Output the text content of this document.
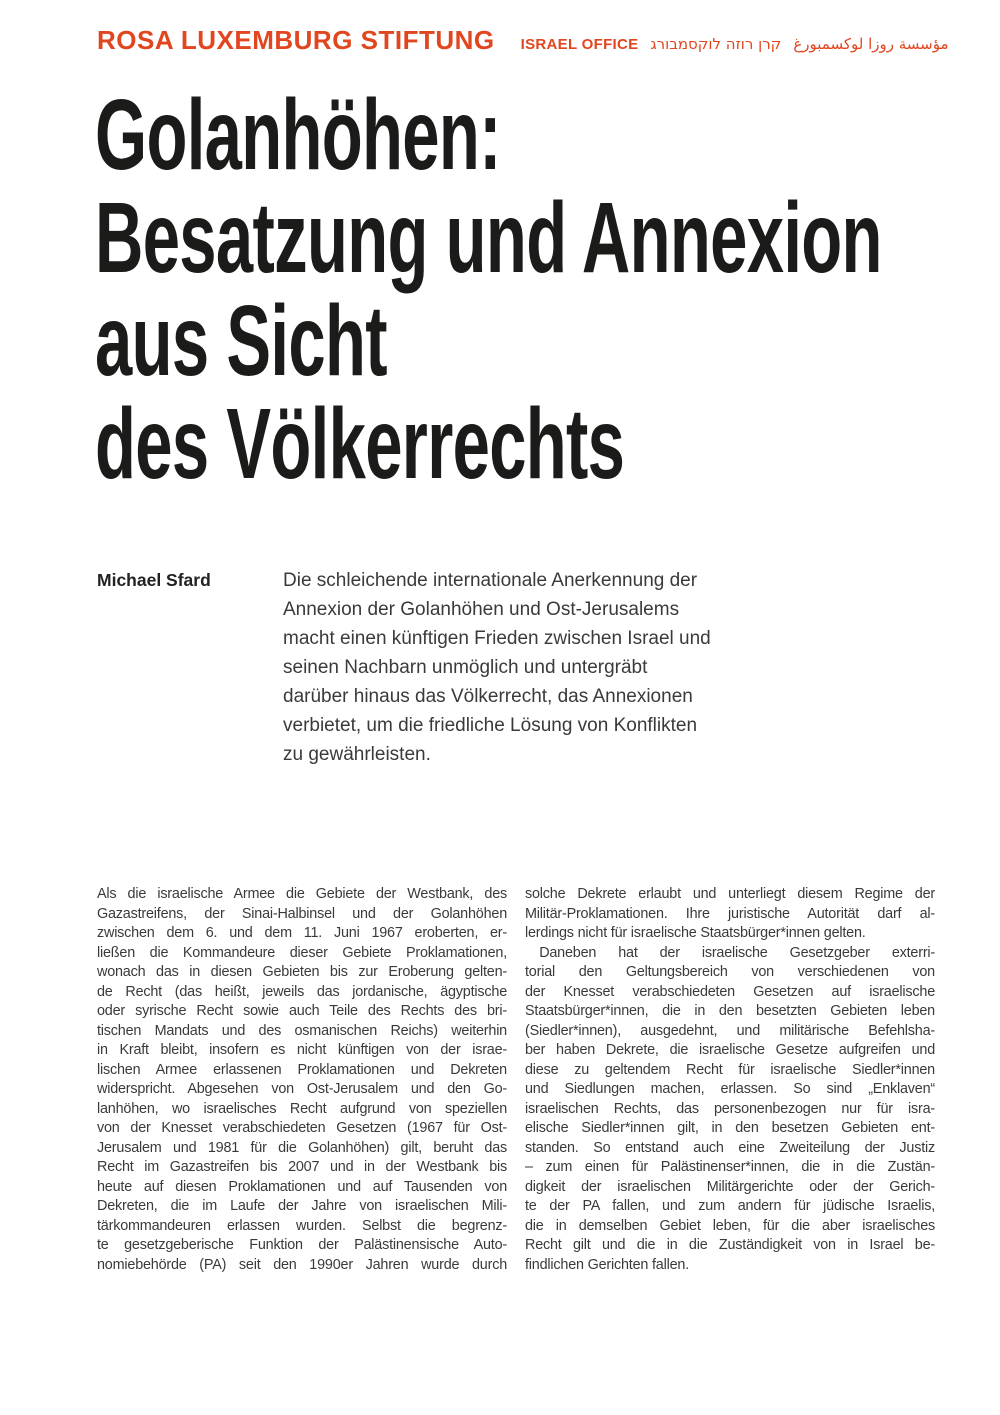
ROSA LUXEMBURG STIFTUNG ISRAEL OFFICE קרן רוזה לוקסמבורג مؤسسة روزا لوكسمبورغ
Golanhöhen:
Besatzung und Annexion
aus Sicht
des Völkerrechts
Michael Sfard	Die schleichende internationale Anerkennung der
Annexion der Golanhöhen und Ost-Jerusalems
macht einen künftigen Frieden zwischen Israel und
seinen Nachbarn unmöglich und untergräbt
darüber hinaus das Völkerrecht, das Annexionen
verbietet, um die friedliche Lösung von Konflikten
zu gewährleisten.
Als die israelische Armee die Gebiete der Westbank, des
Gazastreifens, der Sinai-Halbinsel und der Golanhöhen
zwischen dem 6. und dem 11. Juni 1967 eroberten, er-
ließen die Kommandeure dieser Gebiete Proklamationen,
wonach das in diesen Gebieten bis zur Eroberung gelten-
de Recht (das heißt, jeweils das jordanische, ägyptische
oder syrische Recht sowie auch Teile des Rechts des bri-
tischen Mandats und des osmanischen Reichs) weiterhin
in Kraft bleibt, insofern es nicht künftigen von der israe-
lischen Armee erlassenen Proklamationen und Dekreten
widerspricht. Abgesehen von Ost-Jerusalem und den Go-
lanhöhen, wo israelisches Recht aufgrund von speziellen
von der Knesset verabschiedeten Gesetzen (1967 für Ost-
Jerusalem und 1981 für die Golanhöhen) gilt, beruht das
Recht im Gazastreifen bis 2007 und in der Westbank bis
heute auf diesen Proklamationen und auf Tausenden von
Dekreten, die im Laufe der Jahre von israelischen Mili-
tärkommandeuren erlassen wurden. Selbst die begrenz-
te gesetzgeberische Funktion der Palästinensische Auto-
nomiebehörde (PA) seit den 1990er Jahren wurde durch
solche Dekrete erlaubt und unterliegt diesem Regime der
Militär-Proklamationen. Ihre juristische Autorität darf al-
lerdings nicht für israelische Staatsbürger*innen gelten.
 Daneben hat der israelische Gesetzgeber exterri-
torial den Geltungsbereich von verschiedenen von
der Knesset verabschiedeten Gesetzen auf israelische
Staatsbürger*innen, die in den besetzten Gebieten leben
(Siedler*innen), ausgedehnt, und militärische Befehlsha-
ber haben Dekrete, die israelische Gesetze aufgreifen und
diese zu geltendem Recht für israelische Siedler*innen
und Siedlungen machen, erlassen. So sind „Enklaven“
israelischen Rechts, das personenbezogen nur für isra-
elische Siedler*innen gilt, in den besetzen Gebieten ent-
standen. So entstand auch eine Zweiteilung der Justiz
– zum einen für Palästinenser*innen, die in die Zustän-
digkeit der israelischen Militärgerichte oder der Gerich-
te der PA fallen, und zum andern für jüdische Israelis,
die in demselben Gebiet leben, für die aber israelisches
Recht gilt und die in die Zuständigkeit von in Israel be-
findlichen Gerichten fallen.
